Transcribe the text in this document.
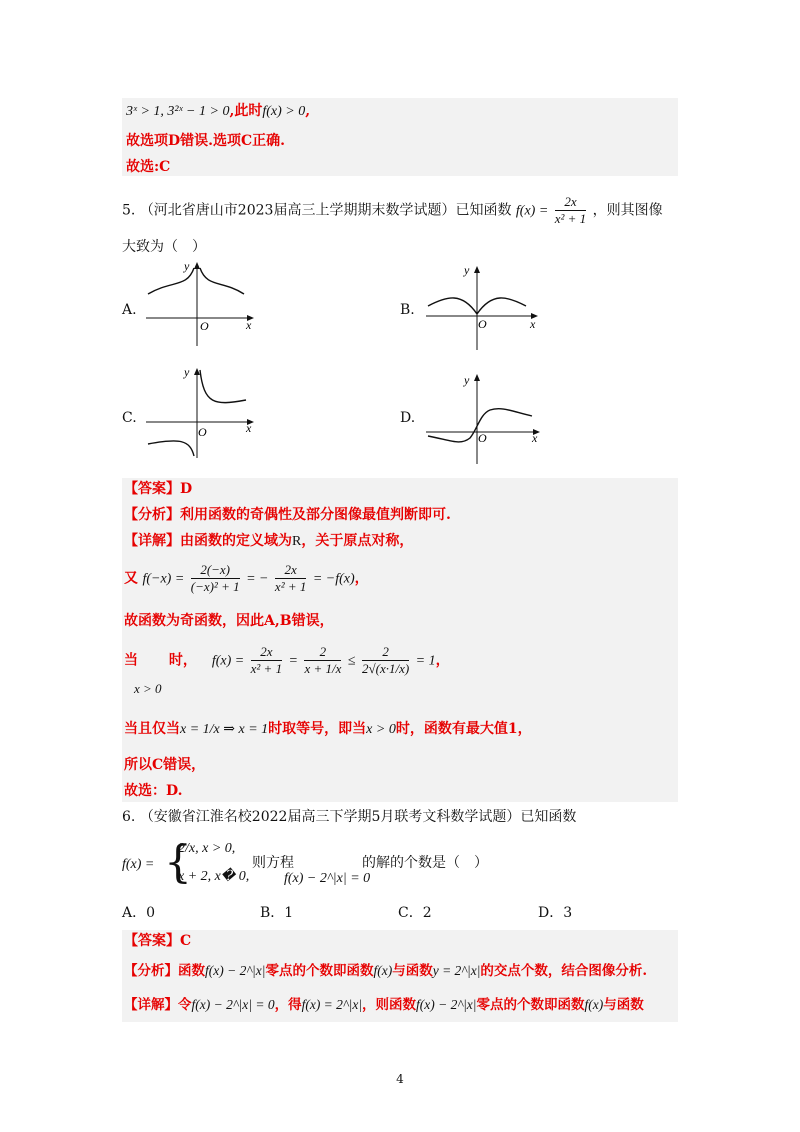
3ˣ > 1, 3²ˣ − 1 > 0,此时f(x) > 0,
故选项D错误.选项C正确.
故选:C
5. （河北省唐山市2023届高三上学期期末数学试题）已知函数 $f(x) = \frac{2x}{\text{x² + 1}}$ ，则其图像
大致为（　）
A.
y
x
O
B.
y
x
O
C.
y
x
O
D.
y
x
O
【答案】D
【分析】利用函数的奇偶性及部分图像最值判断即可.
【详解】由函数的定义域为R，关于原点对称，
又 $f(-x) = \frac{2(-x)}{\text{(−x)² + 1}}$ = − $\frac{2x}{\text{x² + 1}} = -f(x)$，
故函数为奇函数，因此A,B错误，
当 时， $f(x) = \frac{2x}{\text{x² + 1}} = \frac{2}{x + 1/x} \le \frac{2}{2√(x\cdot 1/x)} = 1$，
x > 0
当且仅当x = 1/x ⇒ x = 1时取等号，即当x > 0时，函数有最大值1，
所以C错误，
故选：D.
6. （安徽省江淮名校2022届高三下学期5月联考文科数学试题）已知函数
f(x) = {
2/x, x > 0,
x + 2, x� 0,
则方程
f(x) − 2^|x| = 0
的解的个数是（　）
A．0	B．1	C．2	D．3
【答案】C
【分析】函数f(x) − 2^|x|零点的个数即函数f(x)与函数y = 2^|x|的交点个数，结合图像分析.
【详解】令f(x) − 2^|x| = 0，得f(x) = 2^|x|，则函数f(x) − 2^|x|零点的个数即函数f(x)与函数
4
